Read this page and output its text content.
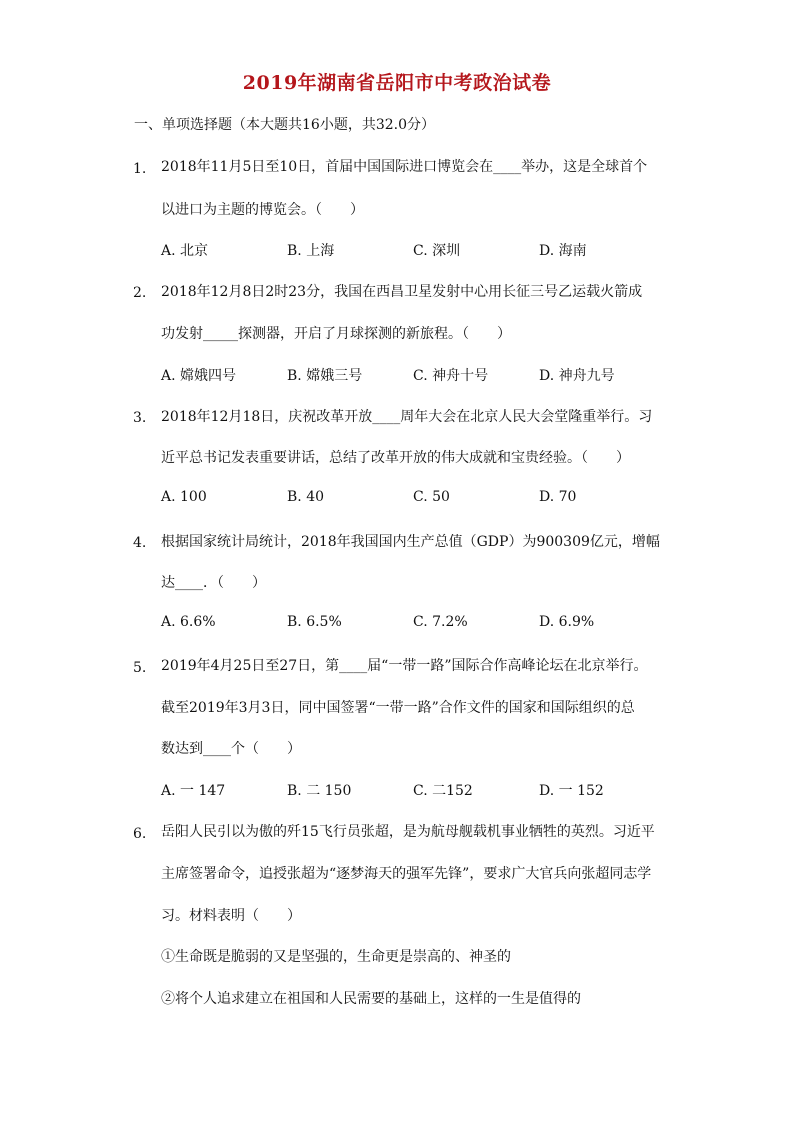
2019年湖南省岳阳市中考政治试卷
一、单项选择题（本大题共16小题，共32.0分）
1. 2018年11月5日至10日，首届中国国际进口博览会在____举办，这是全球首个
以进口为主题的博览会。（　　）
A. 北京	B. 上海	C. 深圳	D. 海南
2. 2018年12月8日2时23分，我国在西昌卫星发射中心用长征三号乙运载火箭成
功发射_____探测器，开启了月球探测的新旅程。（　　）
A. 嫦娥四号	B. 嫦娥三号	C. 神舟十号	D. 神舟九号
3. 2018年12月18日，庆祝改革开放____周年大会在北京人民大会堂隆重举行。习
近平总书记发表重要讲话，总结了改革开放的伟大成就和宝贵经验。（　　）
A. 100	B. 40	C. 50	D. 70
4. 根据国家统计局统计，2018年我国国内生产总值（GDP）为900309亿元，增幅
达____．（　　）
A. 6.6%	B. 6.5%	C. 7.2%	D. 6.9%
5. 2019年4月25日至27日，第____届“一带一路”国际合作高峰论坛在北京举行。
截至2019年3月3日，同中国签署“一带一路”合作文件的国家和国际组织的总
数达到____个（　　）
A. 一 147	B. 二 150	C. 二152	D. 一 152
6. 岳阳人民引以为傲的歼15飞行员张超，是为航母舰载机事业牺牲的英烈。习近平
主席签署命令，追授张超为“逐梦海天的强军先锋”，要求广大官兵向张超同志学
习。材料表明（　　）
①生命既是脆弱的又是坚强的，生命更是崇高的、神圣的
②将个人追求建立在祖国和人民需要的基础上，这样的一生是值得的
